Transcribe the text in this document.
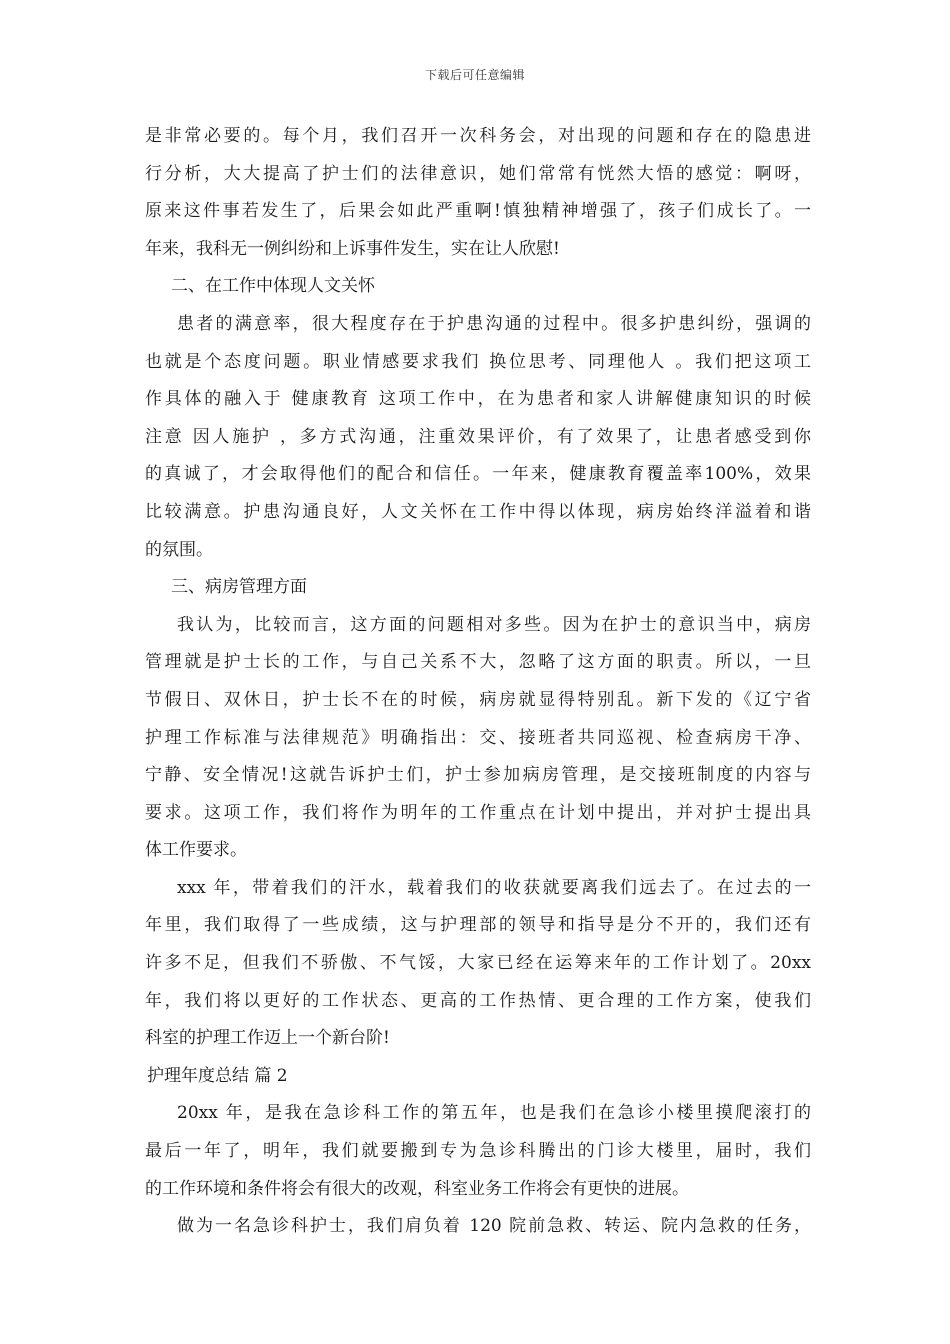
下载后可任意编辑
是非常必要的。每个月，我们召开一次科务会，对出现的问题和存在的隐患进
行分析，大大提高了护士们的法律意识，她们常常有恍然大悟的感觉：啊呀，
原来这件事若发生了，后果会如此严重啊!慎独精神增强了，孩子们成长了。一
年来，我科无一例纠纷和上诉事件发生，实在让人欣慰!
二、在工作中体现人文关怀
患者的满意率，很大程度存在于护患沟通的过程中。很多护患纠纷，强调的
也就是个态度问题。职业情感要求我们 换位思考、同理他人 。我们把这项工
作具体的融入于 健康教育 这项工作中，在为患者和家人讲解健康知识的时候
注意 因人施护 ，多方式沟通，注重效果评价，有了效果了，让患者感受到你
的真诚了，才会取得他们的配合和信任。一年来，健康教育覆盖率100%，效果
比较满意。护患沟通良好，人文关怀在工作中得以体现，病房始终洋溢着和谐
的氛围。
三、病房管理方面
我认为，比较而言，这方面的问题相对多些。因为在护士的意识当中，病房
管理就是护士长的工作，与自己关系不大，忽略了这方面的职责。所以，一旦
节假日、双休日，护士长不在的时候，病房就显得特别乱。新下发的《辽宁省
护理工作标准与法律规范》明确指出：交、接班者共同巡视、检查病房干净、
宁静、安全情况!这就告诉护士们，护士参加病房管理，是交接班制度的内容与
要求。这项工作，我们将作为明年的工作重点在计划中提出，并对护士提出具
体工作要求。
xxx 年，带着我们的汗水，载着我们的收获就要离我们远去了。在过去的一
年里，我们取得了一些成绩，这与护理部的领导和指导是分不开的，我们还有
许多不足，但我们不骄傲、不气馁，大家已经在运筹来年的工作计划了。20xx
年，我们将以更好的工作状态、更高的工作热情、更合理的工作方案，使我们
科室的护理工作迈上一个新台阶!
护理年度总结 篇 2
20xx 年，是我在急诊科工作的第五年，也是我们在急诊小楼里摸爬滚打的
最后一年了，明年，我们就要搬到专为急诊科腾出的门诊大楼里，届时，我们
的工作环境和条件将会有很大的改观，科室业务工作将会有更快的进展。
做为一名急诊科护士，我们肩负着 120 院前急救、转运、院内急救的任务，
